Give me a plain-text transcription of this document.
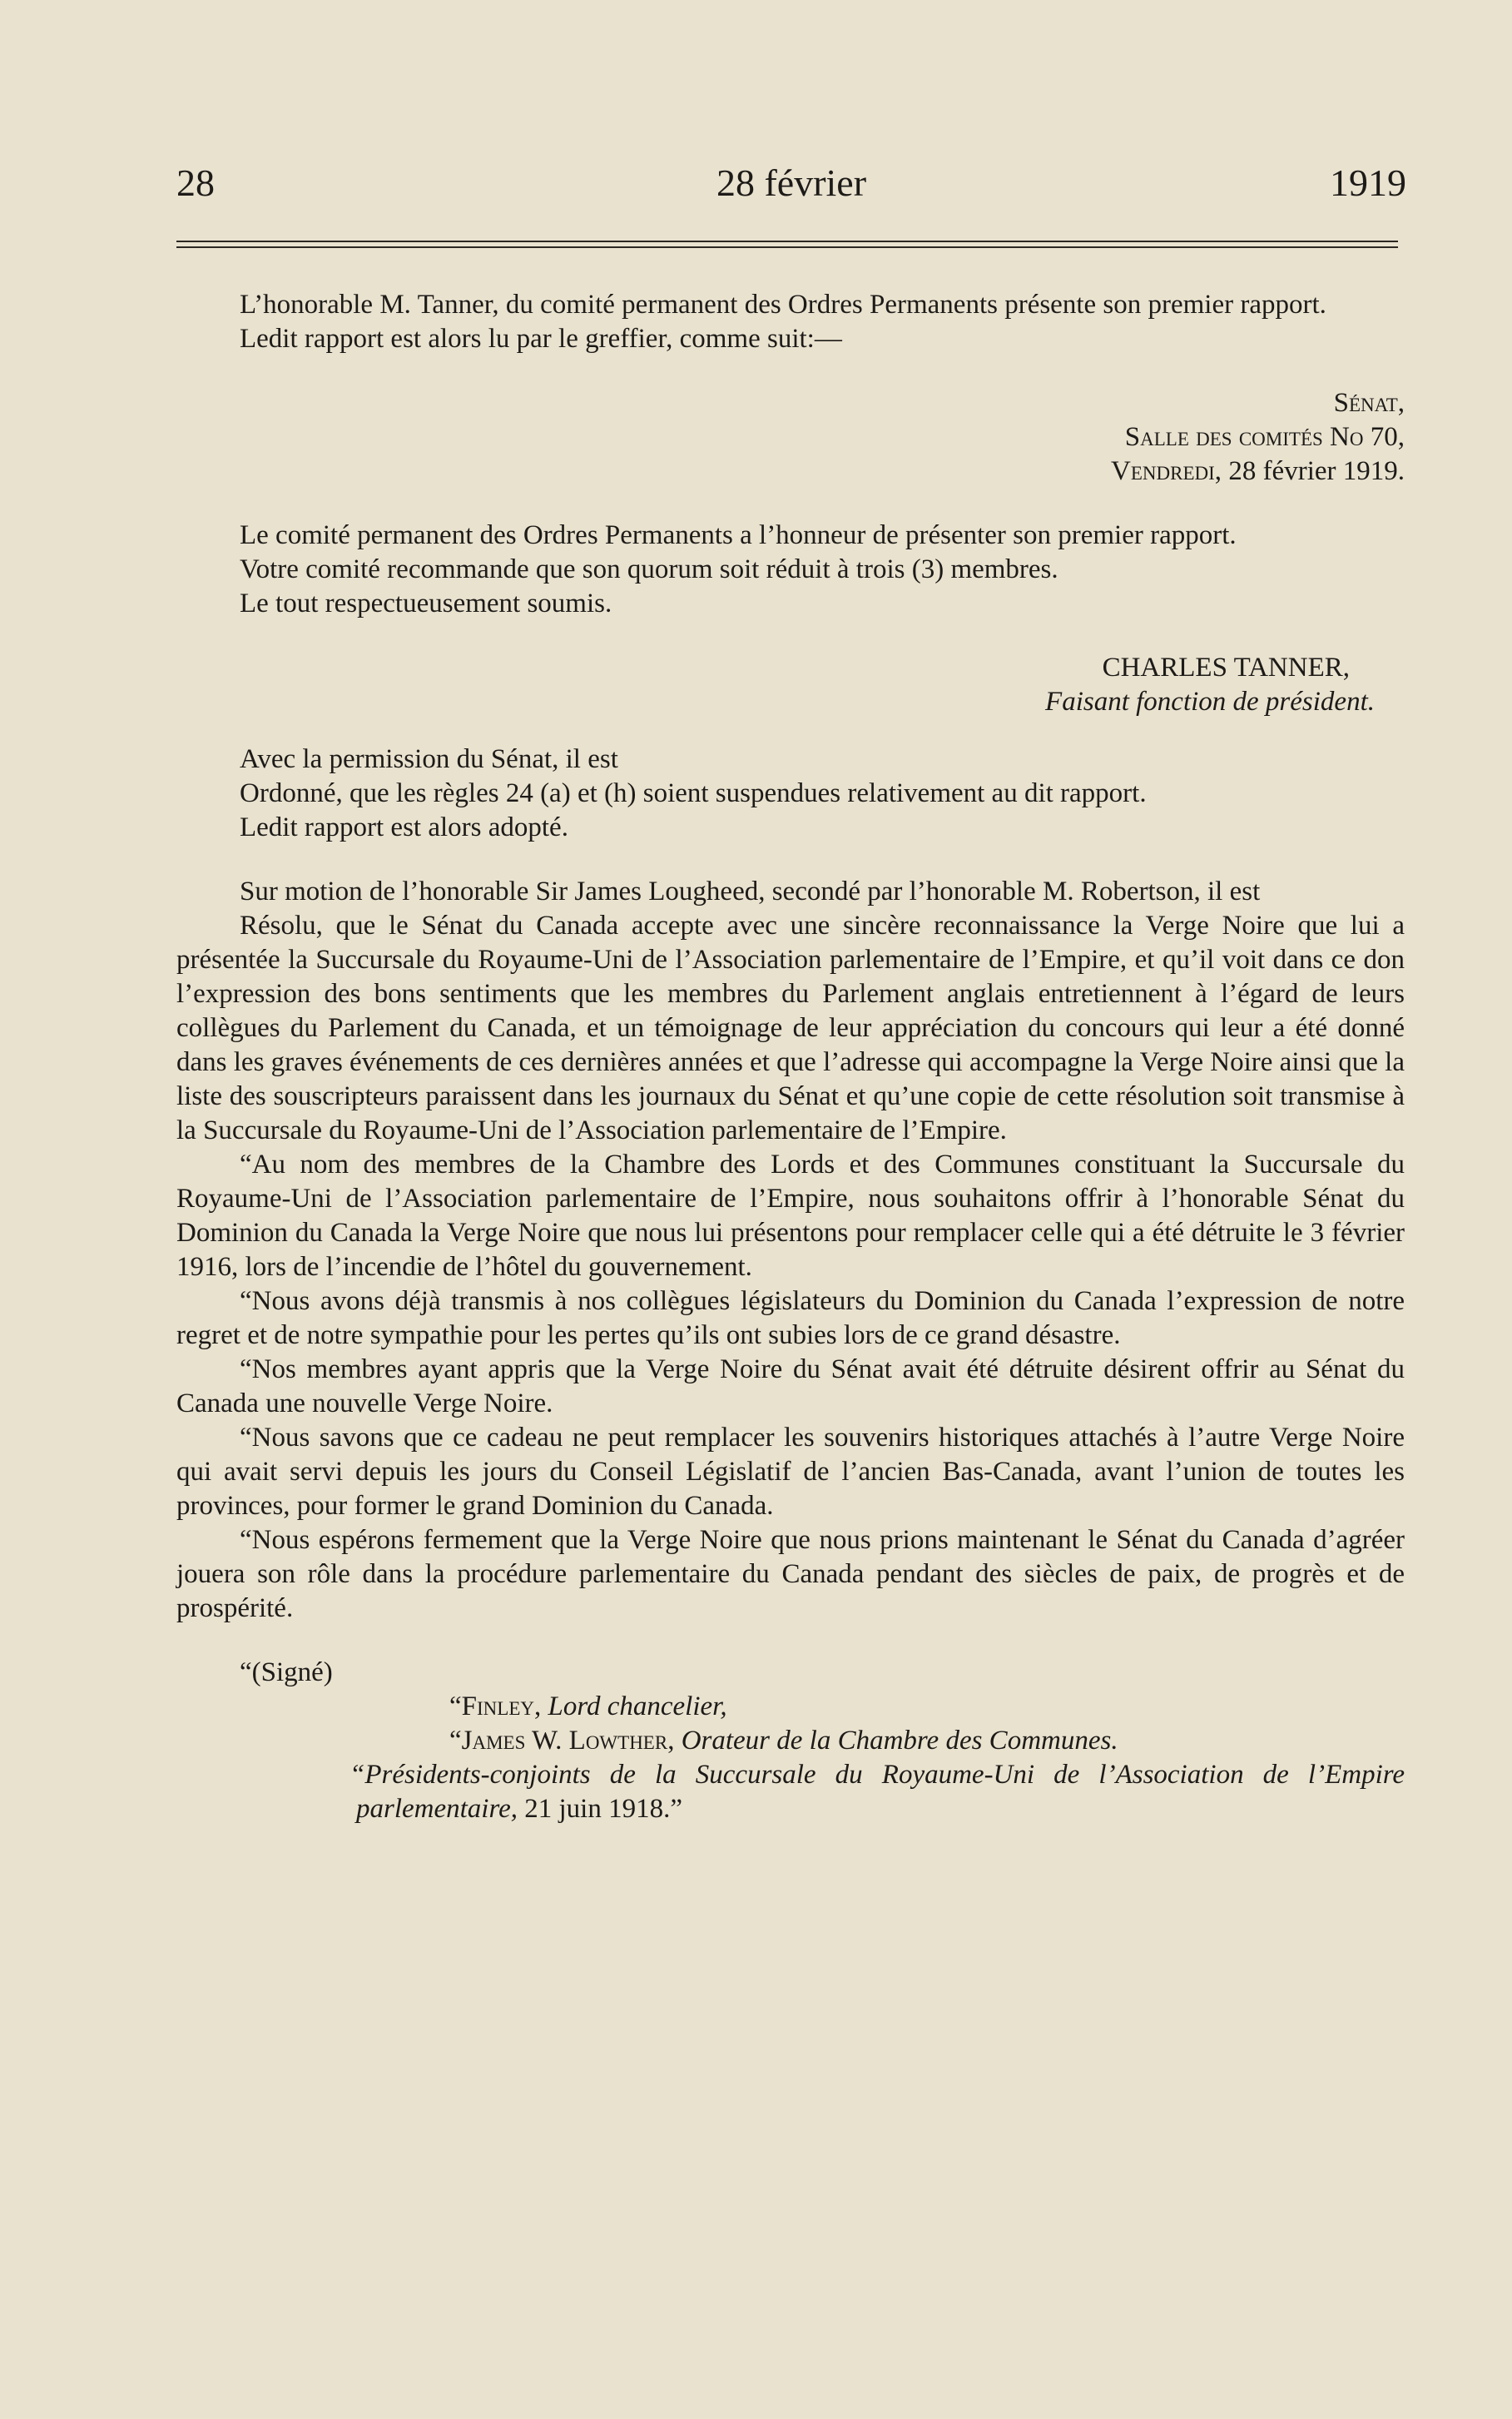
28	28 février	1919

L’honorable M. Tanner, du comité permanent des Ordres Permanents présente son premier rapport.

Ledit rapport est alors lu par le greffier, comme suit:—

Sénat,

Salle des comités No 70,

Vendredi, 28 février 1919.

Le comité permanent des Ordres Permanents a l’honneur de présenter son premier rapport.

Votre comité recommande que son quorum soit réduit à trois (3) membres.

Le tout respectueusement soumis.

CHARLES TANNER,

Faisant fonction de président.

Avec la permission du Sénat, il est

Ordonné, que les règles 24 (a) et (h) soient suspendues relativement au dit rapport.

Ledit rapport est alors adopté.

Sur motion de l’honorable Sir James Lougheed, secondé par l’honorable M. Robertson, il est

Résolu, que le Sénat du Canada accepte avec une sincère reconnaissance la Verge Noire que lui a présentée la Succursale du Royaume-Uni de l’Association parlementaire de l’Empire, et qu’il voit dans ce don l’expression des bons sentiments que les membres du Parlement anglais entretiennent à l’égard de leurs collègues du Parlement du Canada, et un témoignage de leur appréciation du concours qui leur a été donné dans les graves événements de ces dernières années et que l’adresse qui accompagne la Verge Noire ainsi que la liste des souscripteurs paraissent dans les journaux du Sénat et qu’une copie de cette résolution soit transmise à la Succursale du Royaume-Uni de l’Association parlementaire de l’Empire.

“Au nom des membres de la Chambre des Lords et des Communes constituant la Succursale du Royaume-Uni de l’Association parlementaire de l’Empire, nous souhaitons offrir à l’honorable Sénat du Dominion du Canada la Verge Noire que nous lui présentons pour remplacer celle qui a été détruite le 3 février 1916, lors de l’incendie de l’hôtel du gouvernement.

“Nous avons déjà transmis à nos collègues législateurs du Dominion du Canada l’expression de notre regret et de notre sympathie pour les pertes qu’ils ont subies lors de ce grand désastre.

“Nos membres ayant appris que la Verge Noire du Sénat avait été détruite désirent offrir au Sénat du Canada une nouvelle Verge Noire.

“Nous savons que ce cadeau ne peut remplacer les souvenirs historiques attachés à l’autre Verge Noire qui avait servi depuis les jours du Conseil Législatif de l’ancien Bas-Canada, avant l’union de toutes les provinces, pour former le grand Dominion du Canada.

“Nous espérons fermement que la Verge Noire que nous prions maintenant le Sénat du Canada d’agréer jouera son rôle dans la procédure parlementaire du Canada pendant des siècles de paix, de progrès et de prospérité.

“(Signé)

“Finley, Lord chancelier,

“James W. Lowther, Orateur de la Chambre des Communes.

“Présidents-conjoints de la Succursale du Royaume-Uni de l’Association de l’Empire parlementaire, 21 juin 1918.”
